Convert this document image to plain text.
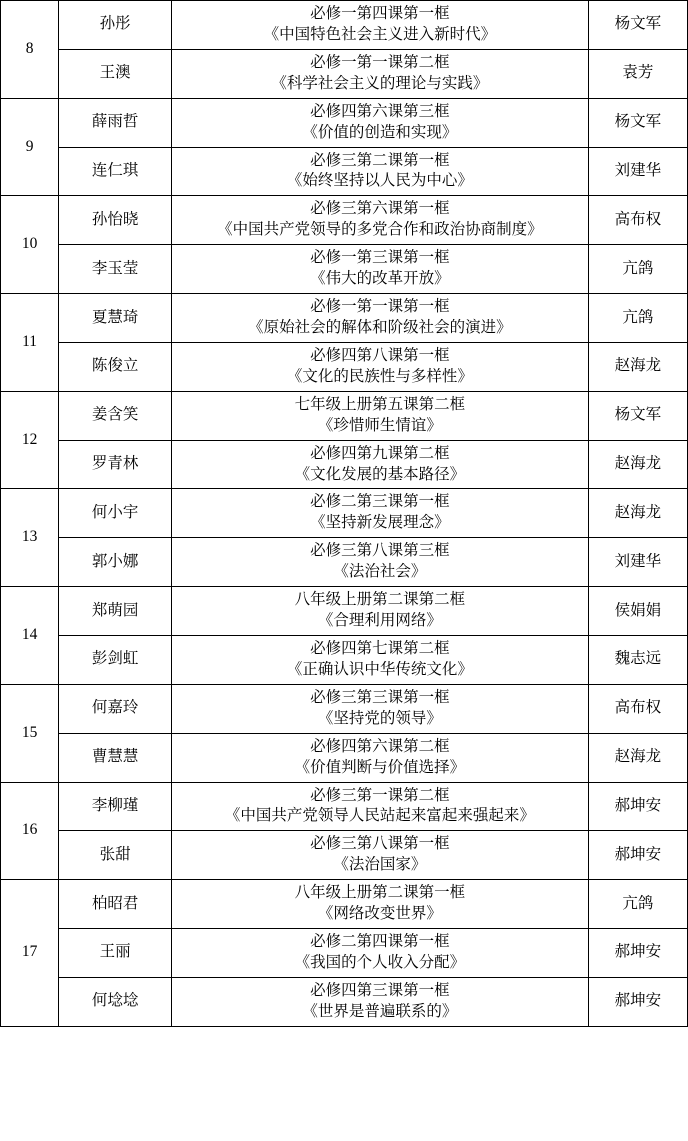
8	孙彤	必修一第四课第一框
《中国特色社会主义进入新时代》	杨文军
	王澳	必修一第一课第二框
《科学社会主义的理论与实践》	袁芳
9	薛雨哲	必修四第六课第三框
《价值的创造和实现》	杨文军
	连仁琪	必修三第二课第一框
《始终坚持以人民为中心》	刘建华
10	孙怡晓	必修三第六课第一框
《中国共产党领导的多党合作和政治协商制度》	高布权
	李玉莹	必修一第三课第一框
《伟大的改革开放》	亢鸽
11	夏慧琦	必修一第一课第一框
《原始社会的解体和阶级社会的演进》	亢鸽
	陈俊立	必修四第八课第一框
《文化的民族性与多样性》	赵海龙
12	姜含笑	七年级上册第五课第二框
《珍惜师生情谊》	杨文军
	罗青林	必修四第九课第二框
《文化发展的基本路径》	赵海龙
13	何小宇	必修二第三课第一框
《坚持新发展理念》	赵海龙
	郭小娜	必修三第八课第三框
《法治社会》	刘建华
14	郑萌园	八年级上册第二课第二框
《合理利用网络》	侯娟娟
	彭剑虹	必修四第七课第二框
《正确认识中华传统文化》	魏志远
15	何嘉玲	必修三第三课第一框
《坚持党的领导》	高布权
	曹慧慧	必修四第六课第二框
《价值判断与价值选择》	赵海龙
16	李柳瑾	必修三第一课第二框
《中国共产党领导人民站起来富起来强起来》	郝坤安
	张甜	必修三第八课第一框
《法治国家》	郝坤安
17	柏昭君	八年级上册第二课第一框
《网络改变世界》	亢鸽
	王丽	必修二第四课第一框
《我国的个人收入分配》	郝坤安
	何埝埝	必修四第三课第一框
《世界是普遍联系的》	郝坤安
